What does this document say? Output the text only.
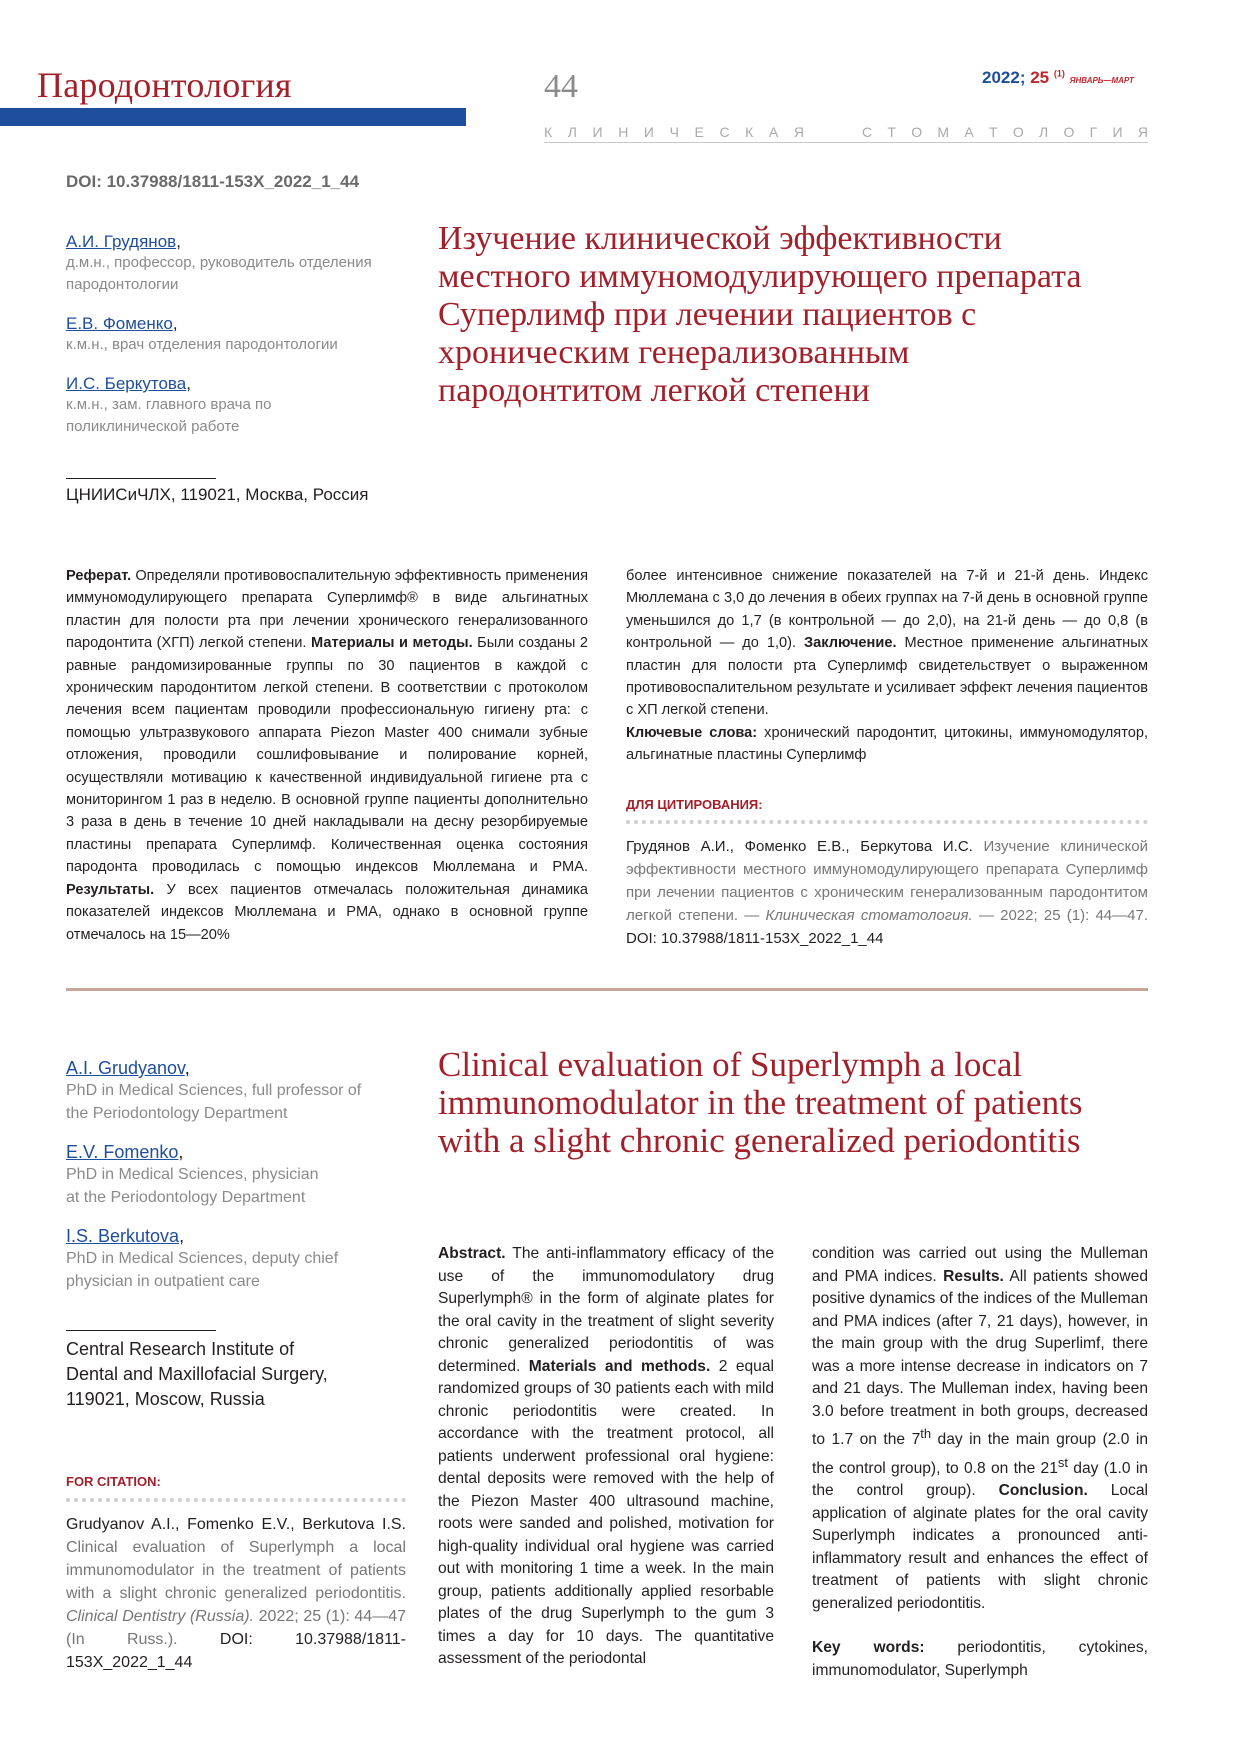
Пародонтология	44	2022; 25 $^{(1)}$ ЯНВАРЬ—МАРТ
К Л И Н И Ч Е С К А Я	С Т О М А Т О Л О Г И Я
DOI: 10.37988/1811-153X_2022_1_44
А.И. Грудянов,
д.м.н., профессор, руководитель отделения пародонтологии
Е.В. Фоменко,
к.м.н., врач отделения пародонтологии
И.С. Беркутова,
к.м.н., зам. главного врача по поликлинической работе
ЦНИИСиЧЛХ, 119021, Москва, Россия
Изучение клинической эффективности местного иммуномодулирующего препарата Суперлимф при лечении пациентов с хроническим генерализованным пародонтитом легкой степени
Реферат. Определяли противовоспалительную эффективность применения иммуномодулирующего препарата Суперлимф® в виде альгинатных пластин для полости рта при лечении хронического генерализованного пародонтита (ХГП) легкой степени. Материалы и методы. Были созданы 2 равные рандомизированные группы по 30 пациентов в каждой с хроническим пародонтитом легкой степени. В соответствии с протоколом лечения всем пациентам проводили профессиональную гигиену рта: с помощью ультразвукового аппарата Piezon Master 400 снимали зубные отложения, проводили сошлифовывание и полирование корней, осуществляли мотивацию к качественной индивидуальной гигиене рта с мониторингом 1 раз в неделю. В основной группе пациенты дополнительно 3 раза в день в течение 10 дней накладывали на десну резорбируемые пластины препарата Суперлимф. Количественная оценка состояния пародонта проводилась с помощью индексов Мюллемана и PMA. Результаты. У всех пациентов отмечалась положительная динамика показателей индексов Мюллемана и PMA, однако в основной группе отмечалось на 15—20%
более интенсивное снижение показателей на 7-й и 21-й день. Индекс Мюллемана с 3,0 до лечения в обеих группах на 7-й день в основной группе уменьшился до 1,7 (в контрольной — до 2,0), на 21-й день — до 0,8 (в контрольной — до 1,0). Заключение. Местное применение альгинатных пластин для полости рта Суперлимф свидетельствует о выраженном противовоспалительном результате и усиливает эффект лечения пациентов с ХП легкой степени.
Ключевые слова: хронический пародонтит, цитокины, иммуномодулятор, альгинатные пластины Суперлимф
ДЛЯ ЦИТИРОВАНИЯ:
Грудянов А.И., Фоменко Е.В., Беркутова И.С. Изучение клинической эффективности местного иммуномодулирующего препарата Суперлимф при лечении пациентов с хроническим генерализованным пародонтитом легкой степени. — Клиническая стоматология. — 2022; 25 (1): 44—47. DOI: 10.37988/1811-153X_2022_1_44
A.I. Grudyanov,
PhD in Medical Sciences, full professor of the Periodontology Department
E.V. Fomenko,
PhD in Medical Sciences, physician at the Periodontology Department
I.S. Berkutova,
PhD in Medical Sciences, deputy chief physician in outpatient care
Central Research Institute of Dental and Maxillofacial Surgery, 119021, Moscow, Russia
FOR CITATION:
Grudyanov A.I., Fomenko E.V., Berkutova I.S. Clinical evaluation of Superlymph a local immunomodulator in the treatment of patients with a slight chronic generalized periodontitis. Clinical Dentistry (Russia). 2022; 25 (1): 44—47 (In Russ.). DOI: 10.37988/1811-153X_2022_1_44
Clinical evaluation of Superlymph a local immunomodulator in the treatment of patients with a slight chronic generalized periodontitis
Abstract. The anti-inflammatory efficacy of the use of the immunomodulatory drug Superlymph® in the form of alginate plates for the oral cavity in the treatment of slight severity chronic generalized periodontitis of was determined. Materials and methods. 2 equal randomized groups of 30 patients each with mild chronic periodontitis were created. In accordance with the treatment protocol, all patients underwent professional oral hygiene: dental deposits were removed with the help of the Piezon Master 400 ultrasound machine, roots were sanded and polished, motivation for high-quality individual oral hygiene was carried out with monitoring 1 time a week. In the main group, patients additionally applied resorbable plates of the drug Superlymph to the gum 3 times a day for 10 days. The quantitative assessment of the periodontal
condition was carried out using the Mulleman and PMA indices. Results. All patients showed positive dynamics of the indices of the Mulleman and PMA indices (after 7, 21 days), however, in the main group with the drug Superlimf, there was a more intense decrease in indicators on 7 and 21 days. The Mulleman index, having been 3.0 before treatment in both groups, decreased to 1.7 on the 7th day in the main group (2.0 in the control group), to 0.8 on the 21st day (1.0 in the control group). Conclusion. Local application of alginate plates for the oral cavity Superlymph indicates a pronounced anti-inflammatory result and enhances the effect of treatment of patients with slight chronic generalized periodontitis.
Key words: periodontitis, cytokines, immunomodulator, Superlymph
